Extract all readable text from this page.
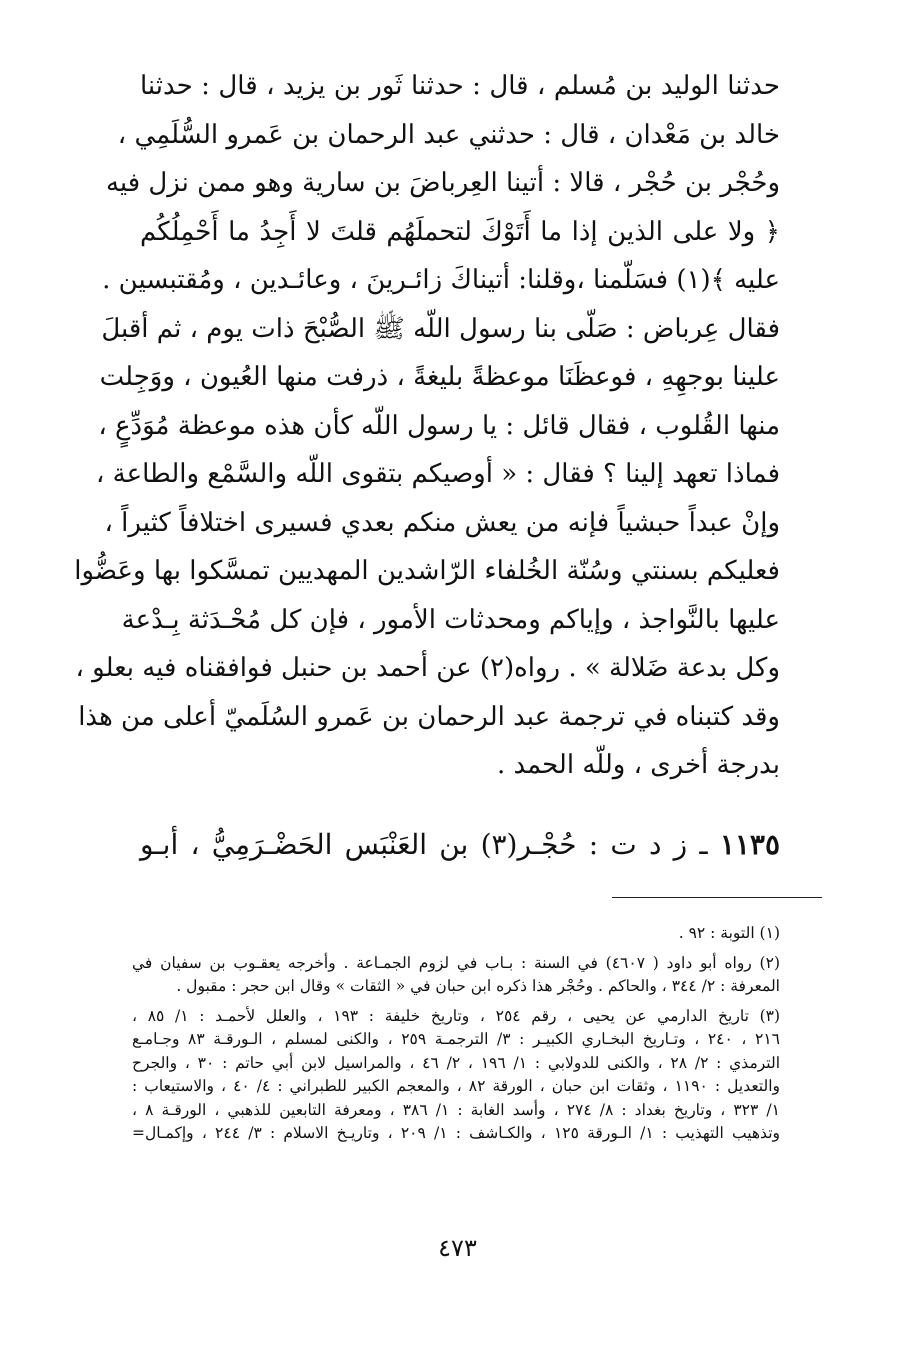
حدثنا الوليد بن مُسلم ، قال : حدثنا ثَور بن يزيد ، قال : حدثنا
خالد بن مَعْدان ، قال : حدثني عبد الرحمان بن عَمرو السُّلَمِي ،
وحُجْر بن حُجْر ، قالا : أتينا العِرباضَ بن سارية وهو ممن نزل فيه
﴿ ولا على الذين إذا ما أَتَوْكَ لتحملَهُم قلتَ لا أَجِدُ ما أَحْمِلُكُم
عليه ﴾(١) فسَلّمنا ،وقلنا: أتيناكَ زائـرينَ ، وعائـدين ، ومُقتبسين .
فقال عِرباض : صَلّى بنا رسول اللّه ﷺ الصُّبْحَ ذات يوم ، ثم أقبلَ
علينا بوجهِهِ ، فوعظَنَا موعظةً بليغةً ، ذرفت منها العُيون ، ووَجِلت
منها القُلوب ، فقال قائل : يا رسول اللّه كأن هذه موعظة مُوَدِّعٍ ،
فماذا تعهد إلينا ؟ فقال : « أوصيكم بتقوى اللّه والسَّمْع والطاعة ،
وإنْ عبداً حبشياً فإنه من يعش منكم بعدي فسيرى اختلافاً كثيراً ،
فعليكم بسنتي وسُنّة الخُلفاء الرّاشدين المهديين تمسَّكوا بها وعَضُّوا
عليها بالنَّواجذ ، وإياكم ومحدثات الأمور ، فإن كل مُحْـدَثة بِـدْعة
وكل بدعة ضَلالة » . رواه(٢) عن أحمد بن حنبل فوافقناه فيه بعلو ،
وقد كتبناه في ترجمة عبد الرحمان بن عَمرو السُلَميّ أعلى من هذا
بدرجة أخرى ، وللّه الحمد .
١١٣٥ ـ ز د ت : حُجْـر(٣) بن العَنْبَس الحَضْـرَمِيُّ ، أبـو
(١) التوبة : ٩٢ .
(٢) رواه أبو داود ( ٤٦٠٧) في السنة : بـاب في لزوم الجمـاعة . وأخرجه يعقـوب بن سفيان في
المعرفة : ٢/ ٣٤٤ ، والحاكم . وحُجْر هذا ذكره ابن حبان في « الثقات » وقال ابن حجر : مقبول .
(٣) تاريخ الدارمي عن يحيى ، رقم ٢٥٤ ، وتاريخ خليفة : ١٩٣ ، والعلل لأحمـد : ١/ ٨٥ ،
٢١٦ ، ٢٤٠ ، وتـاريخ البخـاري الكبيـر : ٣/ الترجمـة ٢٥٩ ، والكنى لمسلم ، الـورقـة ٨٣ وجـامـع
الترمذي : ٢/ ٢٨ ، والكنى للدولابي : ١/ ١٩٦ ، ٢/ ٤٦ ، والمراسيل لابن أبي حاتم : ٣٠ ، والجرح
والتعديل : ١١٩٠ ، وثقات ابن حبان ، الورقة ٨٢ ، والمعجم الكبير للطبراني : ٤/ ٤٠ ، والاستيعاب :
١/ ٣٢٣ ، وتاريخ بغداد : ٨/ ٢٧٤ ، وأسد الغابة : ١/ ٣٨٦ ، ومعرفة التابعين للذهبي ، الورقـة ٨ ،
وتذهيب التهذيب : ١/ الـورقة ١٢٥ ، والكـاشف : ١/ ٢٠٩ ، وتاريـخ الاسلام : ٣/ ٢٤٤ ، وإكمـال=
٤٧٣
